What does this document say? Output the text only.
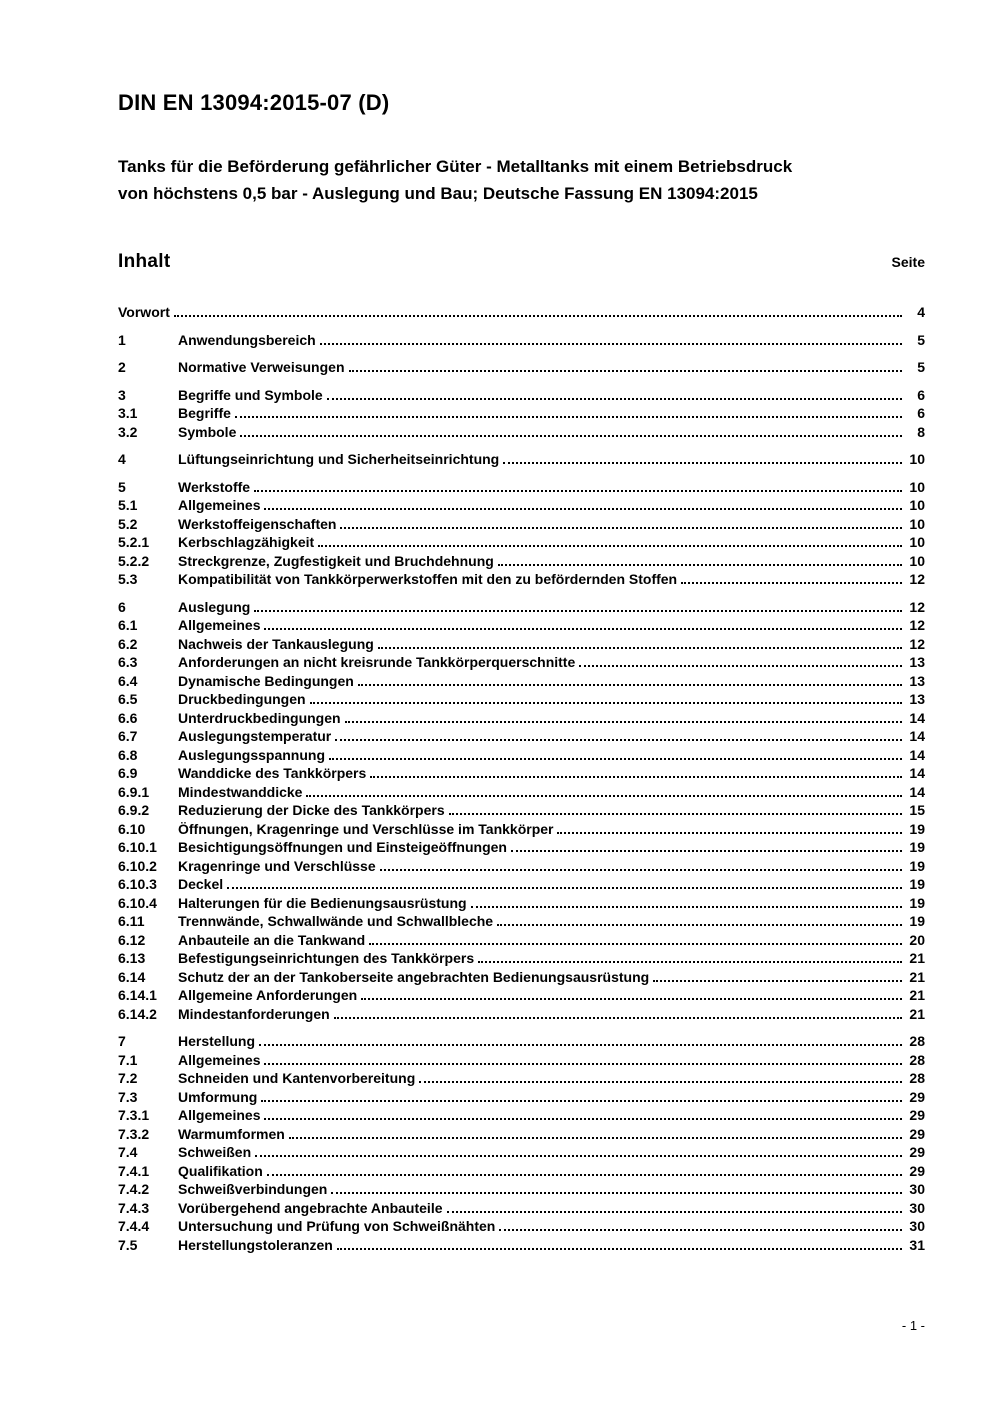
DIN EN 13094:2015-07 (D)
Tanks für die Beförderung gefährlicher Güter - Metalltanks mit einem Betriebsdruck
von höchstens 0,5 bar - Auslegung und Bau; Deutsche Fassung EN 13094:2015
Inhalt	Seite
Vorwort	4
1	Anwendungsbereich	5
2	Normative Verweisungen	5
3	Begriffe und Symbole	6
3.1	Begriffe	6
3.2	Symbole	8
4	Lüftungseinrichtung und Sicherheitseinrichtung	10
5	Werkstoffe	10
5.1	Allgemeines	10
5.2	Werkstoffeigenschaften	10
5.2.1	Kerbschlagzähigkeit	10
5.2.2	Streckgrenze, Zugfestigkeit und Bruchdehnung	10
5.3	Kompatibilität von Tankkörperwerkstoffen mit den zu befördernden Stoffen	12
6	Auslegung	12
6.1	Allgemeines	12
6.2	Nachweis der Tankauslegung	12
6.3	Anforderungen an nicht kreisrunde Tankkörperquerschnitte	13
6.4	Dynamische Bedingungen	13
6.5	Druckbedingungen	13
6.6	Unterdruckbedingungen	14
6.7	Auslegungstemperatur	14
6.8	Auslegungsspannung	14
6.9	Wanddicke des Tankkörpers	14
6.9.1	Mindestwanddicke	14
6.9.2	Reduzierung der Dicke des Tankkörpers	15
6.10	Öffnungen, Kragenringe und Verschlüsse im Tankkörper	19
6.10.1	Besichtigungsöffnungen und Einsteigeöffnungen	19
6.10.2	Kragenringe und Verschlüsse	19
6.10.3	Deckel	19
6.10.4	Halterungen für die Bedienungsausrüstung	19
6.11	Trennwände, Schwallwände und Schwallbleche	19
6.12	Anbauteile an die Tankwand	20
6.13	Befestigungseinrichtungen des Tankkörpers	21
6.14	Schutz der an der Tankoberseite angebrachten Bedienungsausrüstung	21
6.14.1	Allgemeine Anforderungen	21
6.14.2	Mindestanforderungen	21
7	Herstellung	28
7.1	Allgemeines	28
7.2	Schneiden und Kantenvorbereitung	28
7.3	Umformung	29
7.3.1	Allgemeines	29
7.3.2	Warmumformen	29
7.4	Schweißen	29
7.4.1	Qualifikation	29
7.4.2	Schweißverbindungen	30
7.4.3	Vorübergehend angebrachte Anbauteile	30
7.4.4	Untersuchung und Prüfung von Schweißnähten	30
7.5	Herstellungstoleranzen	31
- 1 -
